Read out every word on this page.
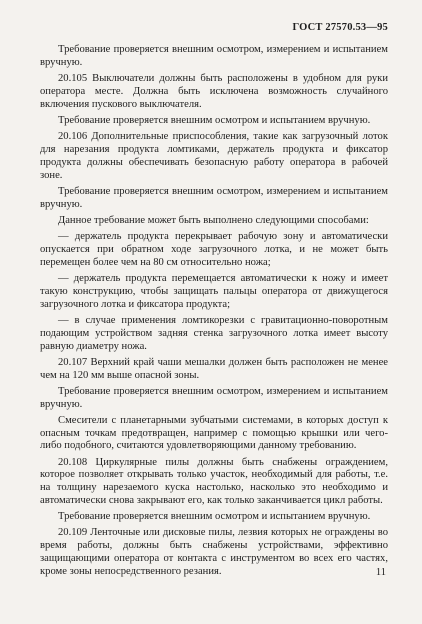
ГОСТ 27570.53—95

Требование проверяется внешним осмотром, измерением и испытанием вручную.

20.105 Выключатели должны быть расположены в удобном для руки оператора месте. Должна быть исключена возможность случайного включения пускового выключателя.

Требование проверяется внешним осмотром и испытанием вручную.

20.106 Дополнительные приспособления, такие как загрузочный лоток для нарезания продукта ломтиками, держатель продукта и фиксатор продукта должны обеспечивать безопасную работу оператора в рабочей зоне.

Требование проверяется внешним осмотром, измерением и испытанием вручную.

Данное требование может быть выполнено следующими способами:

— держатель продукта перекрывает рабочую зону и автоматически опускается при обратном ходе загрузочного лотка, и не может быть перемещен более чем на 80 см относительно ножа;

— держатель продукта перемещается автоматически к ножу и имеет такую конструкцию, чтобы защищать пальцы оператора от движущегося загрузочного лотка и фиксатора продукта;

— в случае применения ломтикорезки с гравитационно-поворотным подающим устройством задняя стенка загрузочного лотка имеет высоту равную диаметру ножа.

20.107 Верхний край чаши мешалки должен быть расположен не менее чем на 120 мм выше опасной зоны.

Требование проверяется внешним осмотром, измерением и испытанием вручную.

Смесители с планетарными зубчатыми системами, в которых доступ к опасным точкам предотвращен, например с помощью крышки или чего-либо подобного, считаются удовлетворяющими данному требованию.

20.108 Циркулярные пилы должны быть снабжены ограждением, которое позволяет открывать только участок, необходимый для работы, т.е. на толщину нарезаемого куска настолько, насколько это необходимо и автоматически снова закрывают его, как только заканчивается цикл работы.

Требование проверяется внешним осмотром и испытанием вручную.

20.109 Ленточные или дисковые пилы, лезвия которых не ограждены во время работы, должны быть снабжены устройствами, эффективно защищающими оператора от контакта с инструментом во всех его частях, кроме зоны непосредственного резания.	11
